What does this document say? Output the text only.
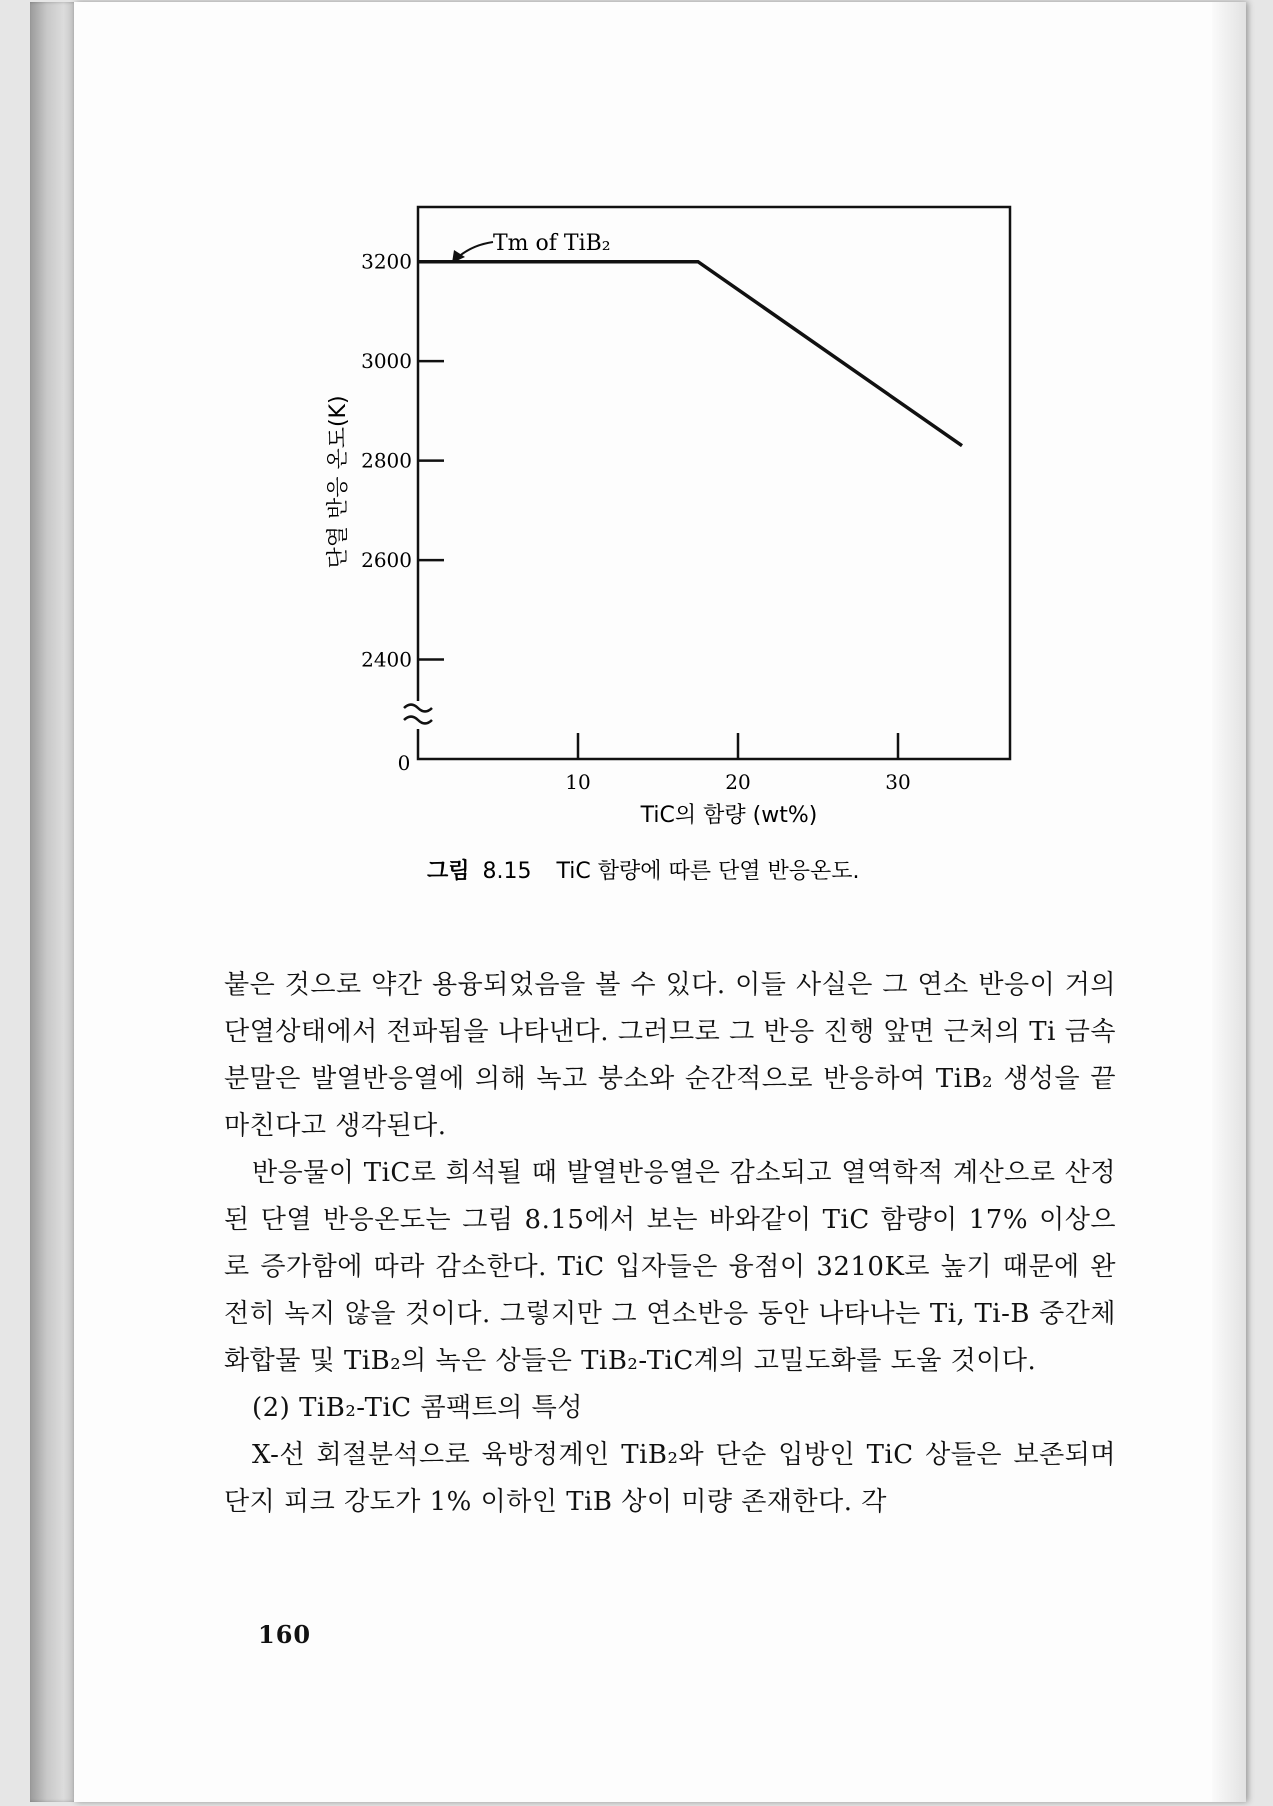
2400
2600
2800
3000
3200
10	20	30
0
Tm of TiB₂
단열 반응 온도(K)
TiC의 함량 (wt%)
그림 8.15 TiC 함량에 따른 단열 반응온도.

붙은 것으로 약간 용융되었음을 볼 수 있다. 이들 사실은 그 연소 반응이 거의 단열상태에서 전파됨을 나타낸다. 그러므로 그 반응 진행 앞면 근처의 Ti 금속분말은 발열반응열에 의해 녹고 붕소와 순간적으로 반응하여 TiB₂ 생성을 끝마친다고 생각된다.

반응물이 TiC로 희석될 때 발열반응열은 감소되고 열역학적 계산으로 산정된 단열 반응온도는 그림 8.15에서 보는 바와같이 TiC 함량이 17% 이상으로 증가함에 따라 감소한다. TiC 입자들은 융점이 3210K로 높기 때문에 완전히 녹지 않을 것이다. 그렇지만 그 연소반응 동안 나타나는 Ti, Ti-B 중간체 화합물 및 TiB₂의 녹은 상들은 TiB₂-TiC계의 고밀도화를 도울 것이다.

(2) TiB₂-TiC 콤팩트의 특성

X-선 회절분석으로 육방정계인 TiB₂와 단순 입방인 TiC 상들은 보존되며 단지 피크 강도가 1% 이하인 TiB 상이 미량 존재한다. 각

160
